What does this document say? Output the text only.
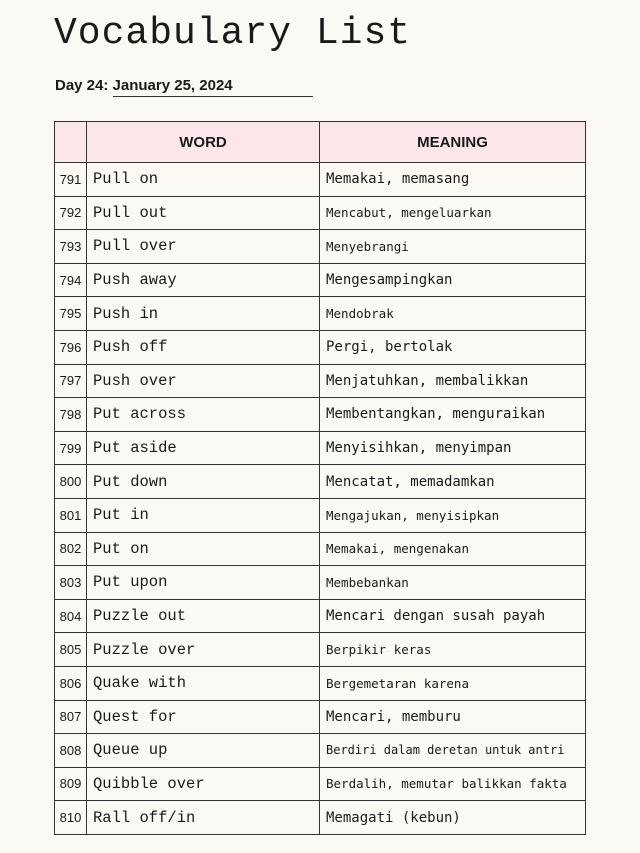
Vocabulary List
Day 24: January 25, 2024
	WORD	MEANING
791	Pull on	Memakai, memasang
792	Pull out	Mencabut, mengeluarkan
793	Pull over	Menyebrangi
794	Push away	Mengesampingkan
795	Push in	Mendobrak
796	Push off	Pergi, bertolak
797	Push over	Menjatuhkan, membalikkan
798	Put across	Membentangkan, menguraikan
799	Put aside	Menyisihkan, menyimpan
800	Put down	Mencatat, memadamkan
801	Put in	Mengajukan, menyisipkan
802	Put on	Memakai, mengenakan
803	Put upon	Membebankan
804	Puzzle out	Mencari dengan susah payah
805	Puzzle over	Berpikir keras
806	Quake with	Bergemetaran karena
807	Quest for	Mencari, memburu
808	Queue up	Berdiri dalam deretan untuk antri
809	Quibble over	Berdalih, memutar balikkan fakta
810	Rall off/in	Memagati (kebun)
